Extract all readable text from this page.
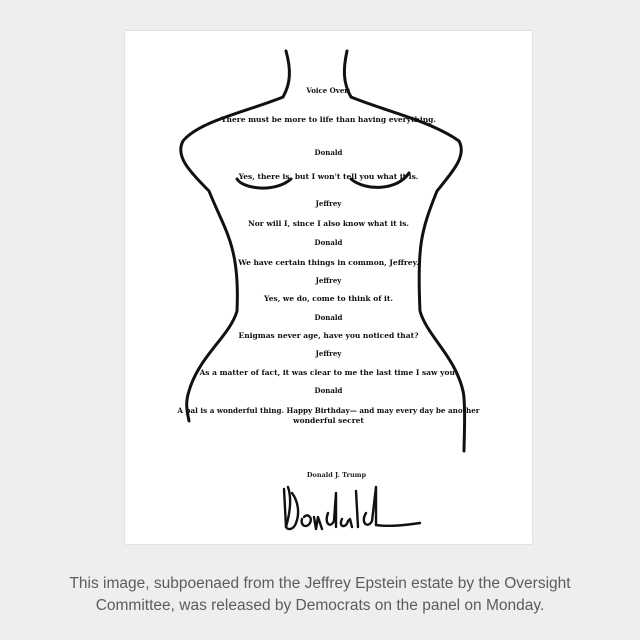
Voice Over:
There must be more to life than having everything.
Donald
Yes, there is, but I won't tell you what it is.
Jeffrey
Nor will I, since I also know what it is.
Donald
We have certain things in common, Jeffrey.
Jeffrey
Yes, we do, come to think of it.
Donald
Enigmas never age, have you noticed that?
Jeffrey
As a matter of fact, it was clear to me the last time I saw you.
Donald
A pal is a wonderful thing. Happy Birthday— and may every day be another
wonderful secret
Donald J. Trump
This image, subpoenaed from the Jeffrey Epstein estate by the Oversight
Committee, was released by Democrats on the panel on Monday.
